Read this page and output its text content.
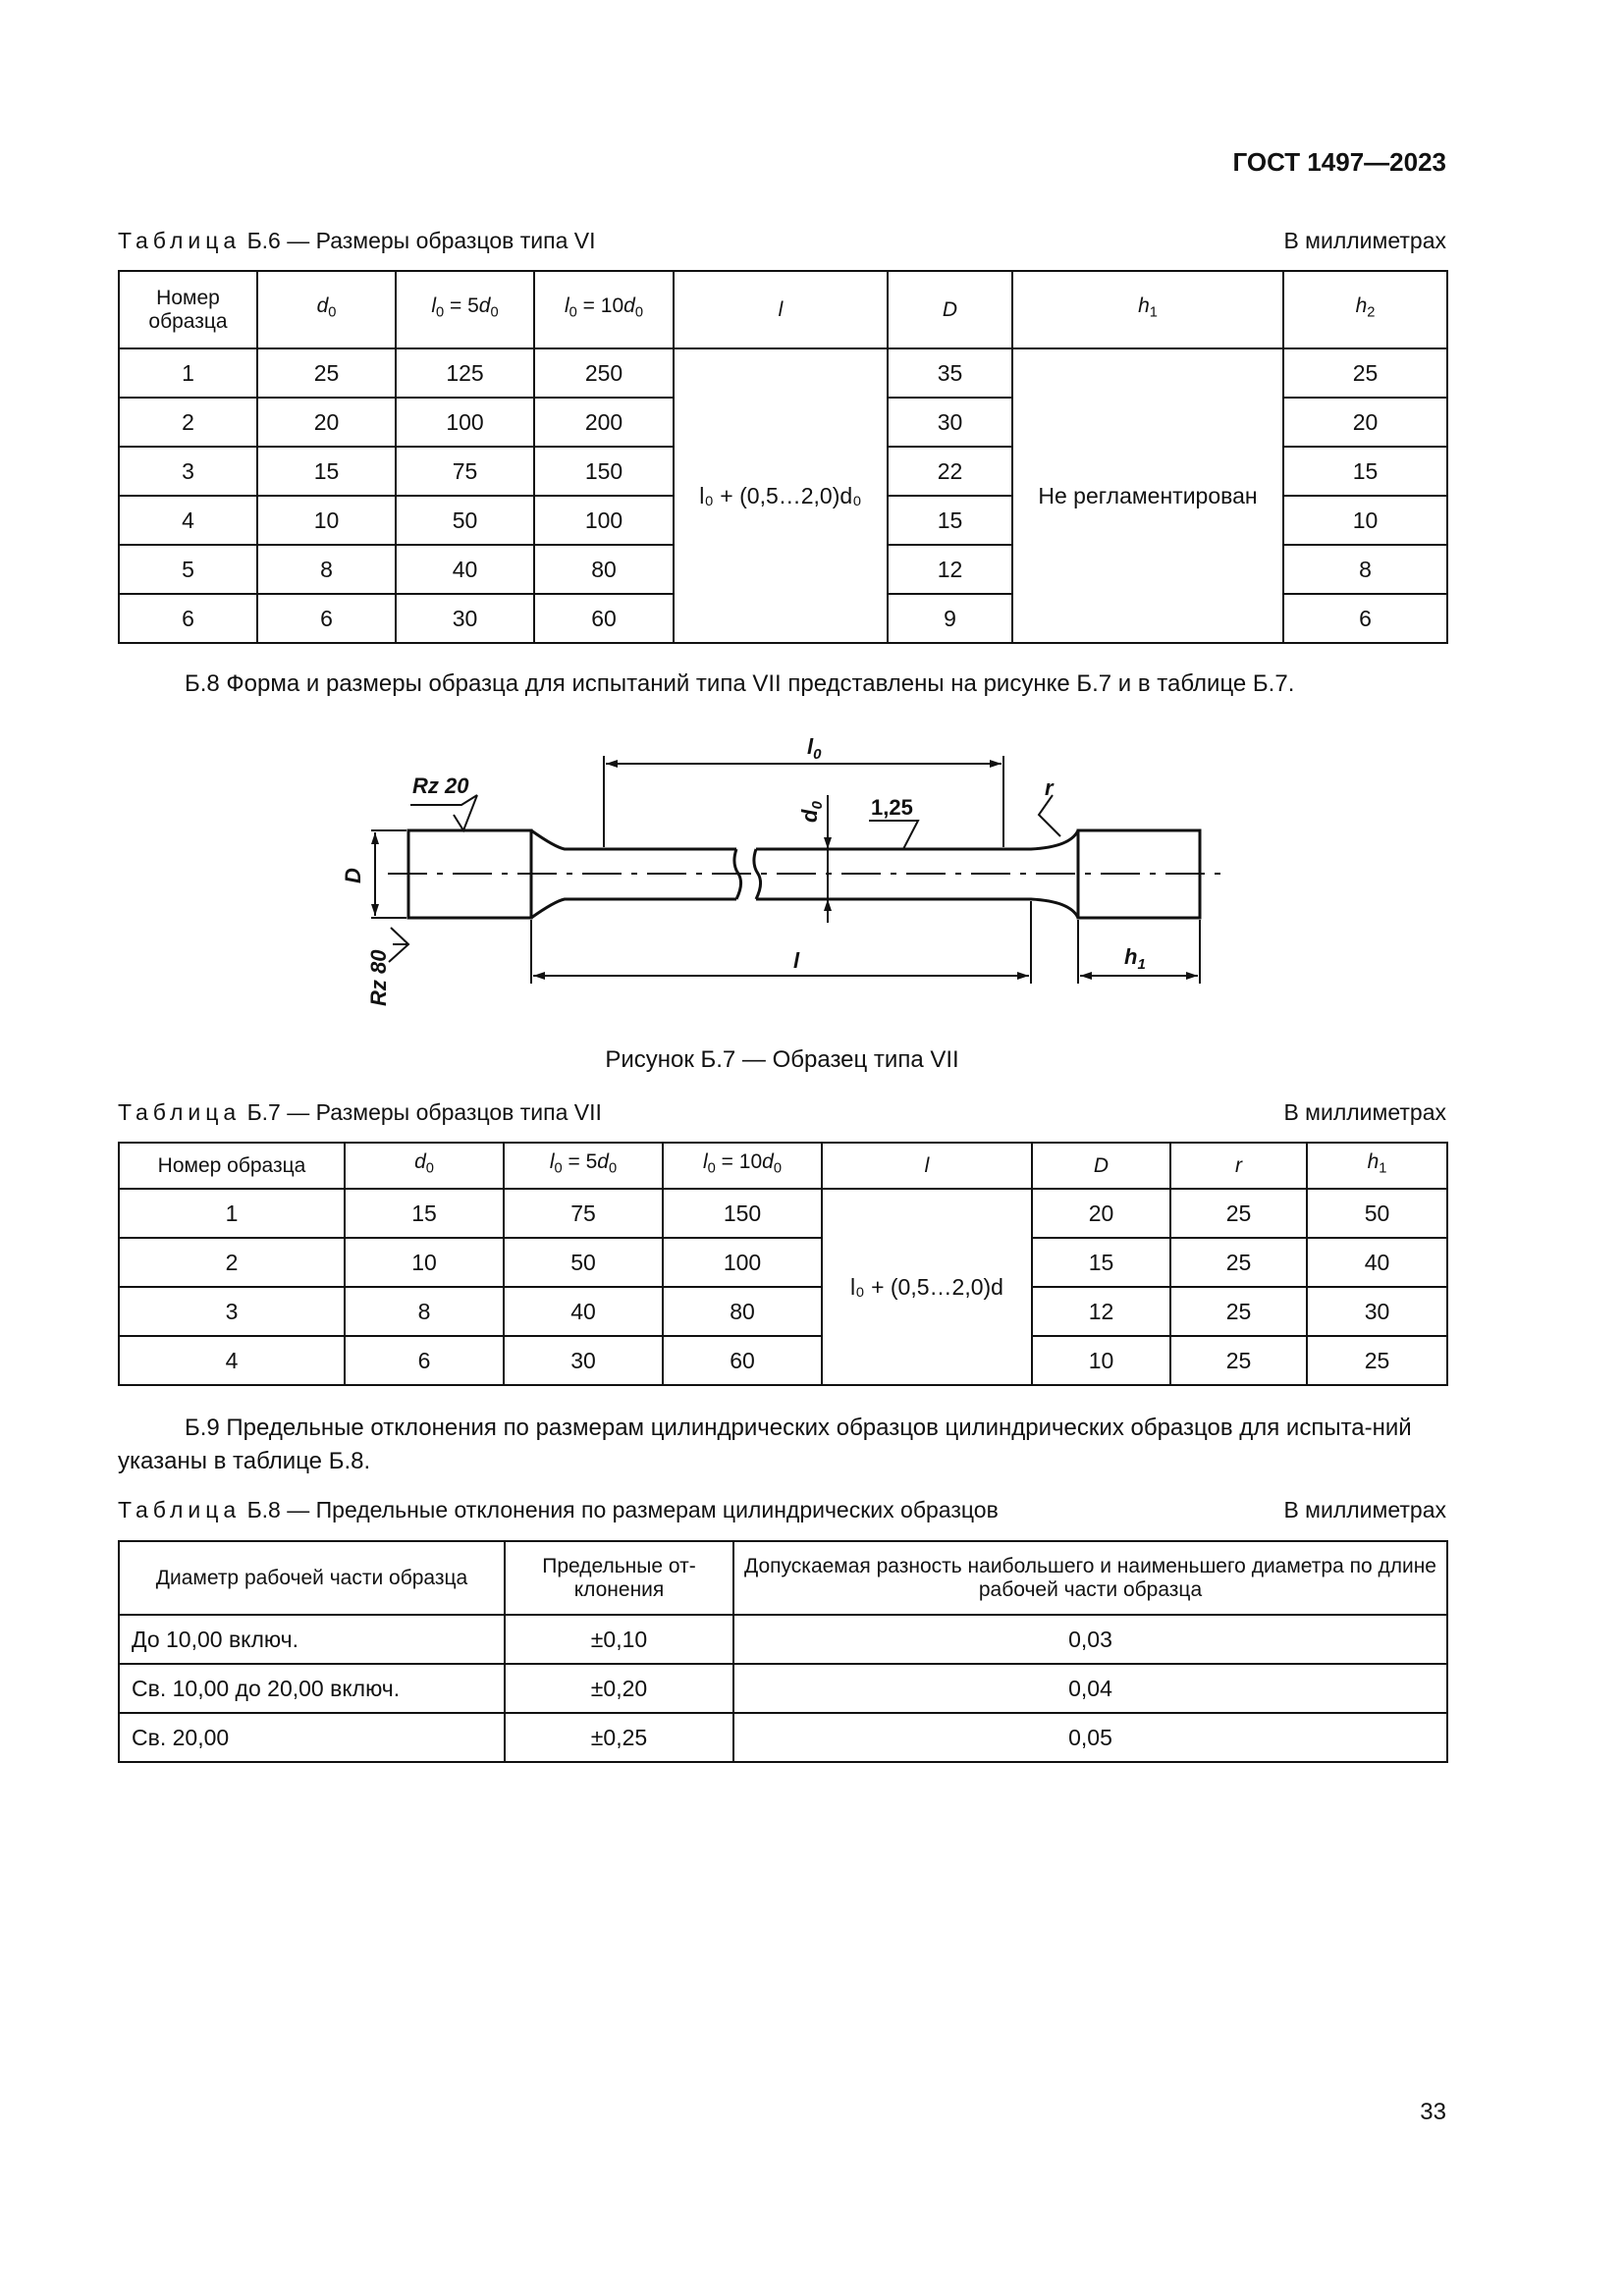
ГОСТ 1497—2023
Таблица Б.6 — Размеры образцов типа VI	В миллиметрах
Номер образца	$d_0$	$l_0 = 5d_0$	$l_0 = 10d_0$	l	D	$h_1$	$h_2$
1	25	125	250	l₀ + (0,5…2,0)d₀	35	Не регламентирован	25
2	20	100	200		30		20
3	15	75	150		22		15
4	10	50	100		15		10
5	8	40	80		12		8
6	6	30	60		9		6
Б.8 Форма и размеры образца для испытаний типа VII представлены на рисунке Б.7 и в таблице Б.7.
Rz 20
Rz 80
D
1,25
r
l
$l_0$
$d_0$
$h_1$
Рисунок Б.7 — Образец типа VII
Таблица Б.7 — Размеры образцов типа VII	В миллиметрах
Номер образца	$d_0$	$l_0 = 5d_0$	$l_0 = 10d_0$	l	D	r	$h_1$
1	15	75	150	l₀ + (0,5…2,0)d	20	25	50
2	10	50	100		15	25	40
3	8	40	80		12	25	30
4	6	30	60		10	25	25
Б.9 Предельные отклонения по размерам цилиндрических образцов цилиндрических образцов для испыта-ний указаны в таблице Б.8.
Таблица Б.8 — Предельные отклонения по размерам цилиндрических образцов	В миллиметрах
Диаметр рабочей части образца	Предельные от-клонения	Допускаемая разность наибольшего и наименьшего диаметра по длине рабочей части образца
До 10,00 включ.	±0,10	0,03
Св. 10,00 до 20,00 включ.	±0,20	0,04
Св. 20,00	±0,25	0,05
33
